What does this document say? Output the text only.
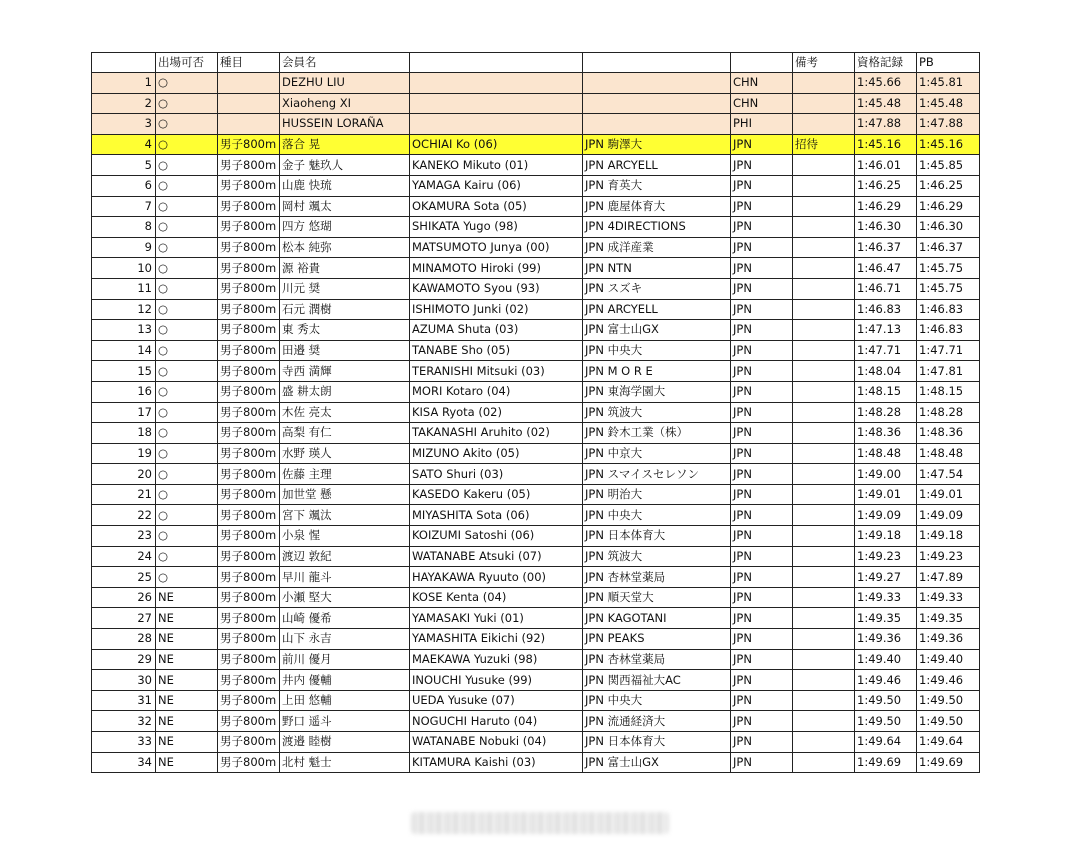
	出場可否	種目	会員名				備考	資格記録	PB
1	○		DEZHU LIU			CHN		1:45.66	1:45.81
2	○		Xiaoheng XI			CHN		1:45.48	1:45.48
3	○		HUSSEIN LORAÑA			PHI		1:47.88	1:47.88
4	○	男子800m	落合 晃	OCHIAI Ko (06)	JPN 駒澤大	JPN	招待	1:45.16	1:45.16
5	○	男子800m	金子 魅玖人	KANEKO Mikuto (01)	JPN ARCYELL	JPN		1:46.01	1:45.85
6	○	男子800m	山鹿 快琉	YAMAGA Kairu (06)	JPN 育英大	JPN		1:46.25	1:46.25
7	○	男子800m	岡村 颯太	OKAMURA Sota (05)	JPN 鹿屋体育大	JPN		1:46.29	1:46.29
8	○	男子800m	四方 悠瑚	SHIKATA Yugo (98)	JPN 4DIRECTIONS	JPN		1:46.30	1:46.30
9	○	男子800m	松本 純弥	MATSUMOTO Junya (00)	JPN 成洋産業	JPN		1:46.37	1:46.37
10	○	男子800m	源 裕貴	MINAMOTO Hiroki (99)	JPN NTN	JPN		1:46.47	1:45.75
11	○	男子800m	川元 奨	KAWAMOTO Syou (93)	JPN スズキ	JPN		1:46.71	1:45.75
12	○	男子800m	石元 潤樹	ISHIMOTO Junki (02)	JPN ARCYELL	JPN		1:46.83	1:46.83
13	○	男子800m	東 秀太	AZUMA Shuta (03)	JPN 富士山GX	JPN		1:47.13	1:46.83
14	○	男子800m	田邉 奨	TANABE Sho (05)	JPN 中央大	JPN		1:47.71	1:47.71
15	○	男子800m	寺西 満輝	TERANISHI Mitsuki (03)	JPN M O R E	JPN		1:48.04	1:47.81
16	○	男子800m	盛 耕太朗	MORI Kotaro (04)	JPN 東海学園大	JPN		1:48.15	1:48.15
17	○	男子800m	木佐 亮太	KISA Ryota (02)	JPN 筑波大	JPN		1:48.28	1:48.28
18	○	男子800m	高梨 有仁	TAKANASHI Aruhito (02)	JPN 鈴木工業（株）	JPN		1:48.36	1:48.36
19	○	男子800m	水野 瑛人	MIZUNO Akito (05)	JPN 中京大	JPN		1:48.48	1:48.48
20	○	男子800m	佐藤 主理	SATO Shuri (03)	JPN スマイスセレソン	JPN		1:49.00	1:47.54
21	○	男子800m	加世堂 懸	KASEDO Kakeru (05)	JPN 明治大	JPN		1:49.01	1:49.01
22	○	男子800m	宮下 颯汰	MIYASHITA Sota (06)	JPN 中央大	JPN		1:49.09	1:49.09
23	○	男子800m	小泉 惺	KOIZUMI Satoshi (06)	JPN 日本体育大	JPN		1:49.18	1:49.18
24	○	男子800m	渡辺 敦紀	WATANABE Atsuki (07)	JPN 筑波大	JPN		1:49.23	1:49.23
25	○	男子800m	早川 龍斗	HAYAKAWA Ryuuto (00)	JPN 杏林堂薬局	JPN		1:49.27	1:47.89
26	NE	男子800m	小瀬 堅大	KOSE Kenta (04)	JPN 順天堂大	JPN		1:49.33	1:49.33
27	NE	男子800m	山崎 優希	YAMASAKI Yuki (01)	JPN KAGOTANI	JPN		1:49.35	1:49.35
28	NE	男子800m	山下 永吉	YAMASHITA Eikichi (92)	JPN PEAKS	JPN		1:49.36	1:49.36
29	NE	男子800m	前川 優月	MAEKAWA Yuzuki (98)	JPN 杏林堂薬局	JPN		1:49.40	1:49.40
30	NE	男子800m	井内 優輔	INOUCHI Yusuke (99)	JPN 関西福祉大AC	JPN		1:49.46	1:49.46
31	NE	男子800m	上田 悠輔	UEDA Yusuke (07)	JPN 中央大	JPN		1:49.50	1:49.50
32	NE	男子800m	野口 遥斗	NOGUCHI Haruto (04)	JPN 流通経済大	JPN		1:49.50	1:49.50
33	NE	男子800m	渡邉 睦樹	WATANABE Nobuki (04)	JPN 日本体育大	JPN		1:49.64	1:49.64
34	NE	男子800m	北村 魁士	KITAMURA Kaishi (03)	JPN 富士山GX	JPN		1:49.69	1:49.69
